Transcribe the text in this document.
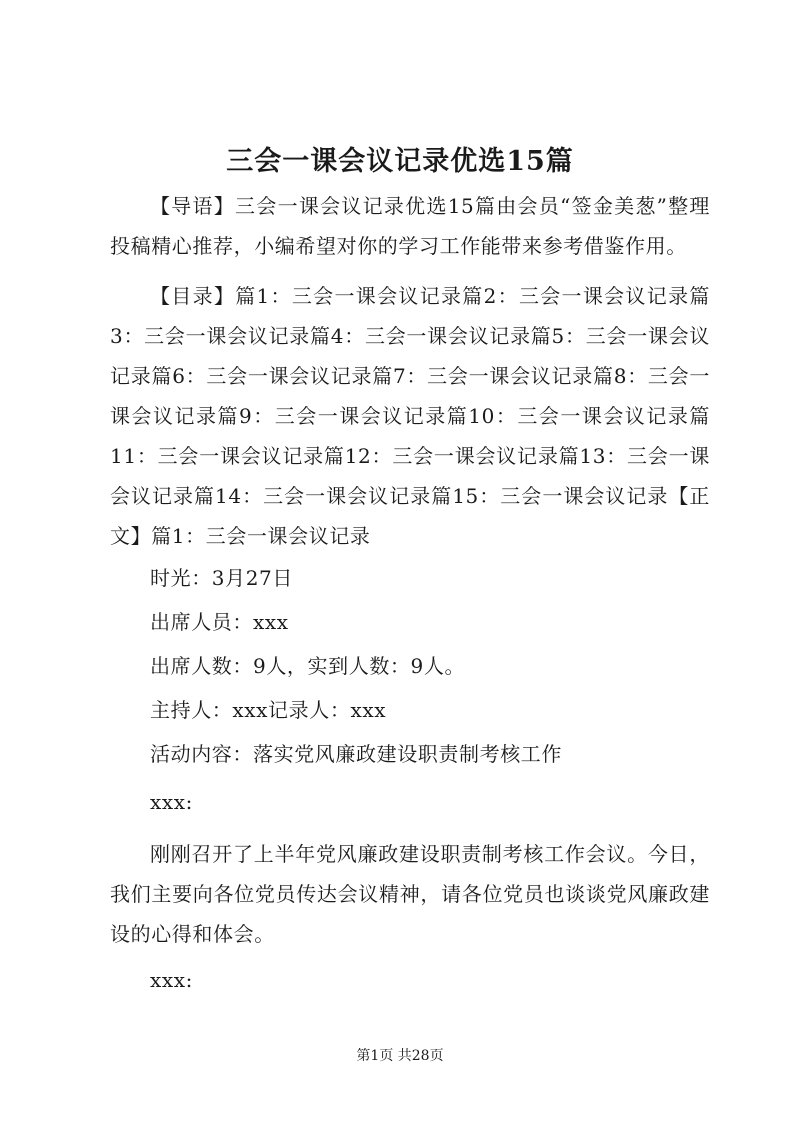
三会一课会议记录优选15篇

【导语】三会一课会议记录优选15篇由会员“签金美葱”整理投稿精心推荐，小编希望对你的学习工作能带来参考借鉴作用。

【目录】篇1：三会一课会议记录篇2：三会一课会议记录篇3：三会一课会议记录篇4：三会一课会议记录篇5：三会一课会议记录篇6：三会一课会议记录篇7：三会一课会议记录篇8：三会一课会议记录篇9：三会一课会议记录篇10：三会一课会议记录篇11：三会一课会议记录篇12：三会一课会议记录篇13：三会一课会议记录篇14：三会一课会议记录篇15：三会一课会议记录【正文】篇1：三会一课会议记录

时光：3月27日

出席人员：xxx

出席人数：9人，实到人数：9人。

主持人：xxx记录人：xxx

活动内容：落实党风廉政建设职责制考核工作

xxx:

刚刚召开了上半年党风廉政建设职责制考核工作会议。今日，我们主要向各位党员传达会议精神，请各位党员也谈谈党风廉政建设的心得和体会。

xxx:

第1页 共28页
